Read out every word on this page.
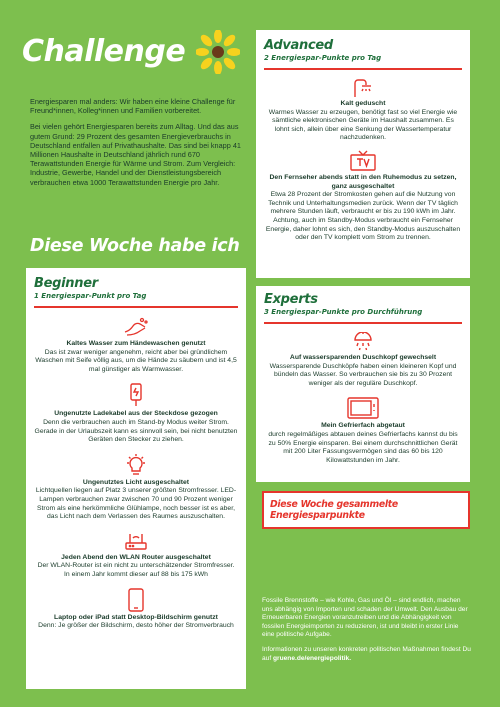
Challenge

Energiesparen mal anders: Wir haben eine kleine Challenge für Freund*innen, Kolleg*innen und Familien vorbereitet.

Bei vielen gehört Energiesparen bereits zum Alltag. Und das aus gutem Grund: 29 Prozent des gesamten Energieverbrauchs in Deutschland entfallen auf Privathaushalte. Das sind bei knapp 41 Millionen Haushalte in Deutschland jährlich rund 670 Terawattstunden Energie für Wärme und Strom. Zum Vergleich: Industrie, Gewerbe, Handel und der Dienstleistungsbereich verbrauchen etwa 1000 Terawattstunden Energie pro Jahr.

Diese Woche habe ich
Advanced
2 Energiespar-Punkte pro Tag
Kalt geduscht
Warmes Wasser zu erzeugen, benötigt fast so viel Energie wie sämtliche elektronischen Geräte im Haushalt zusammen. Es lohnt sich, allein über eine Senkung der Wassertemperatur nachzudenken.
Den Fernseher abends statt in den Ruhemodus zu setzen, ganz ausgeschaltet
Etwa 28 Prozent der Stromkosten gehen auf die Nutzung von Technik und Unterhaltungsmedien zurück. Wenn der TV täglich mehrere Stunden läuft, verbraucht er bis zu 190 kWh im Jahr. Achtung, auch im Standby-Modus verbraucht ein Fernseher Energie, daher lohnt es sich, den Standby-Modus auszuschalten oder den TV komplett vom Strom zu trennen.
Beginner
1 Energiespar-Punkt pro Tag
Kaltes Wasser zum Händewaschen genutzt
Das ist zwar weniger angenehm, reicht aber bei gründlichem Waschen mit Seife völlig aus, um die Hände zu säubern und ist 4,5 mal günstiger als Warmwasser.
Ungenutzte Ladekabel aus der Steckdose gezogen
Denn die verbrauchen auch im Stand-by Modus weiter Strom. Gerade in der Urlaubszeit kann es sinnvoll sein, bei nicht benutzten Geräten den Stecker zu ziehen.
Ungenutztes Licht ausgeschaltet
Lichtquellen liegen auf Platz 3 unserer größten Stromfresser. LED-Lampen verbrauchen zwar zwischen 70 und 90 Prozent weniger Strom als eine herkömmliche Glühlampe, noch besser ist es aber, das Licht nach dem Verlassen des Raumes auszuschalten.
Jeden Abend den WLAN Router ausgeschaltet
Der WLAN-Router ist ein nicht zu unterschätzender Stromfresser. In einem Jahr kommt dieser auf 88 bis 175 kWh
Laptop oder iPad statt Desktop-Bildschirm genutzt
Denn: Je größer der Bildschirm, desto höher der Stromverbrauch
Experts
3 Energiespar-Punkte pro Durchführung
Auf wassersparenden Duschkopf gewechselt
Wassersparende Duschköpfe haben einen kleineren Kopf und bündeln das Wasser. So verbrauchen sie bis zu 30 Prozent weniger als der reguläre Duschkopf.
Mein Gefrierfach abgetaut
durch regelmäßiges abtauen deines Gefrierfachs kannst du bis zu 50% Energie einsparen. Bei einem durchschnittlichen Gerät mit 200 Liter Fassungsvermögen sind das 60 bis 120 Kilowattstunden im Jahr.
Diese Woche gesammelte Energiesparpunkte

Fossile Brennstoffe – wie Kohle, Gas und Öl – sind endlich, machen uns abhängig von Importen und schaden der Umwelt. Den Ausbau der Erneuerbaren Energien voranzutreiben und die Abhängigkeit von fossilen Energieimporten zu reduzieren, ist und bleibt in erster Linie eine politische Aufgabe.

Informationen zu unseren konkreten politischen Maßnahmen findest Du auf gruene.de/energiepolitik.
